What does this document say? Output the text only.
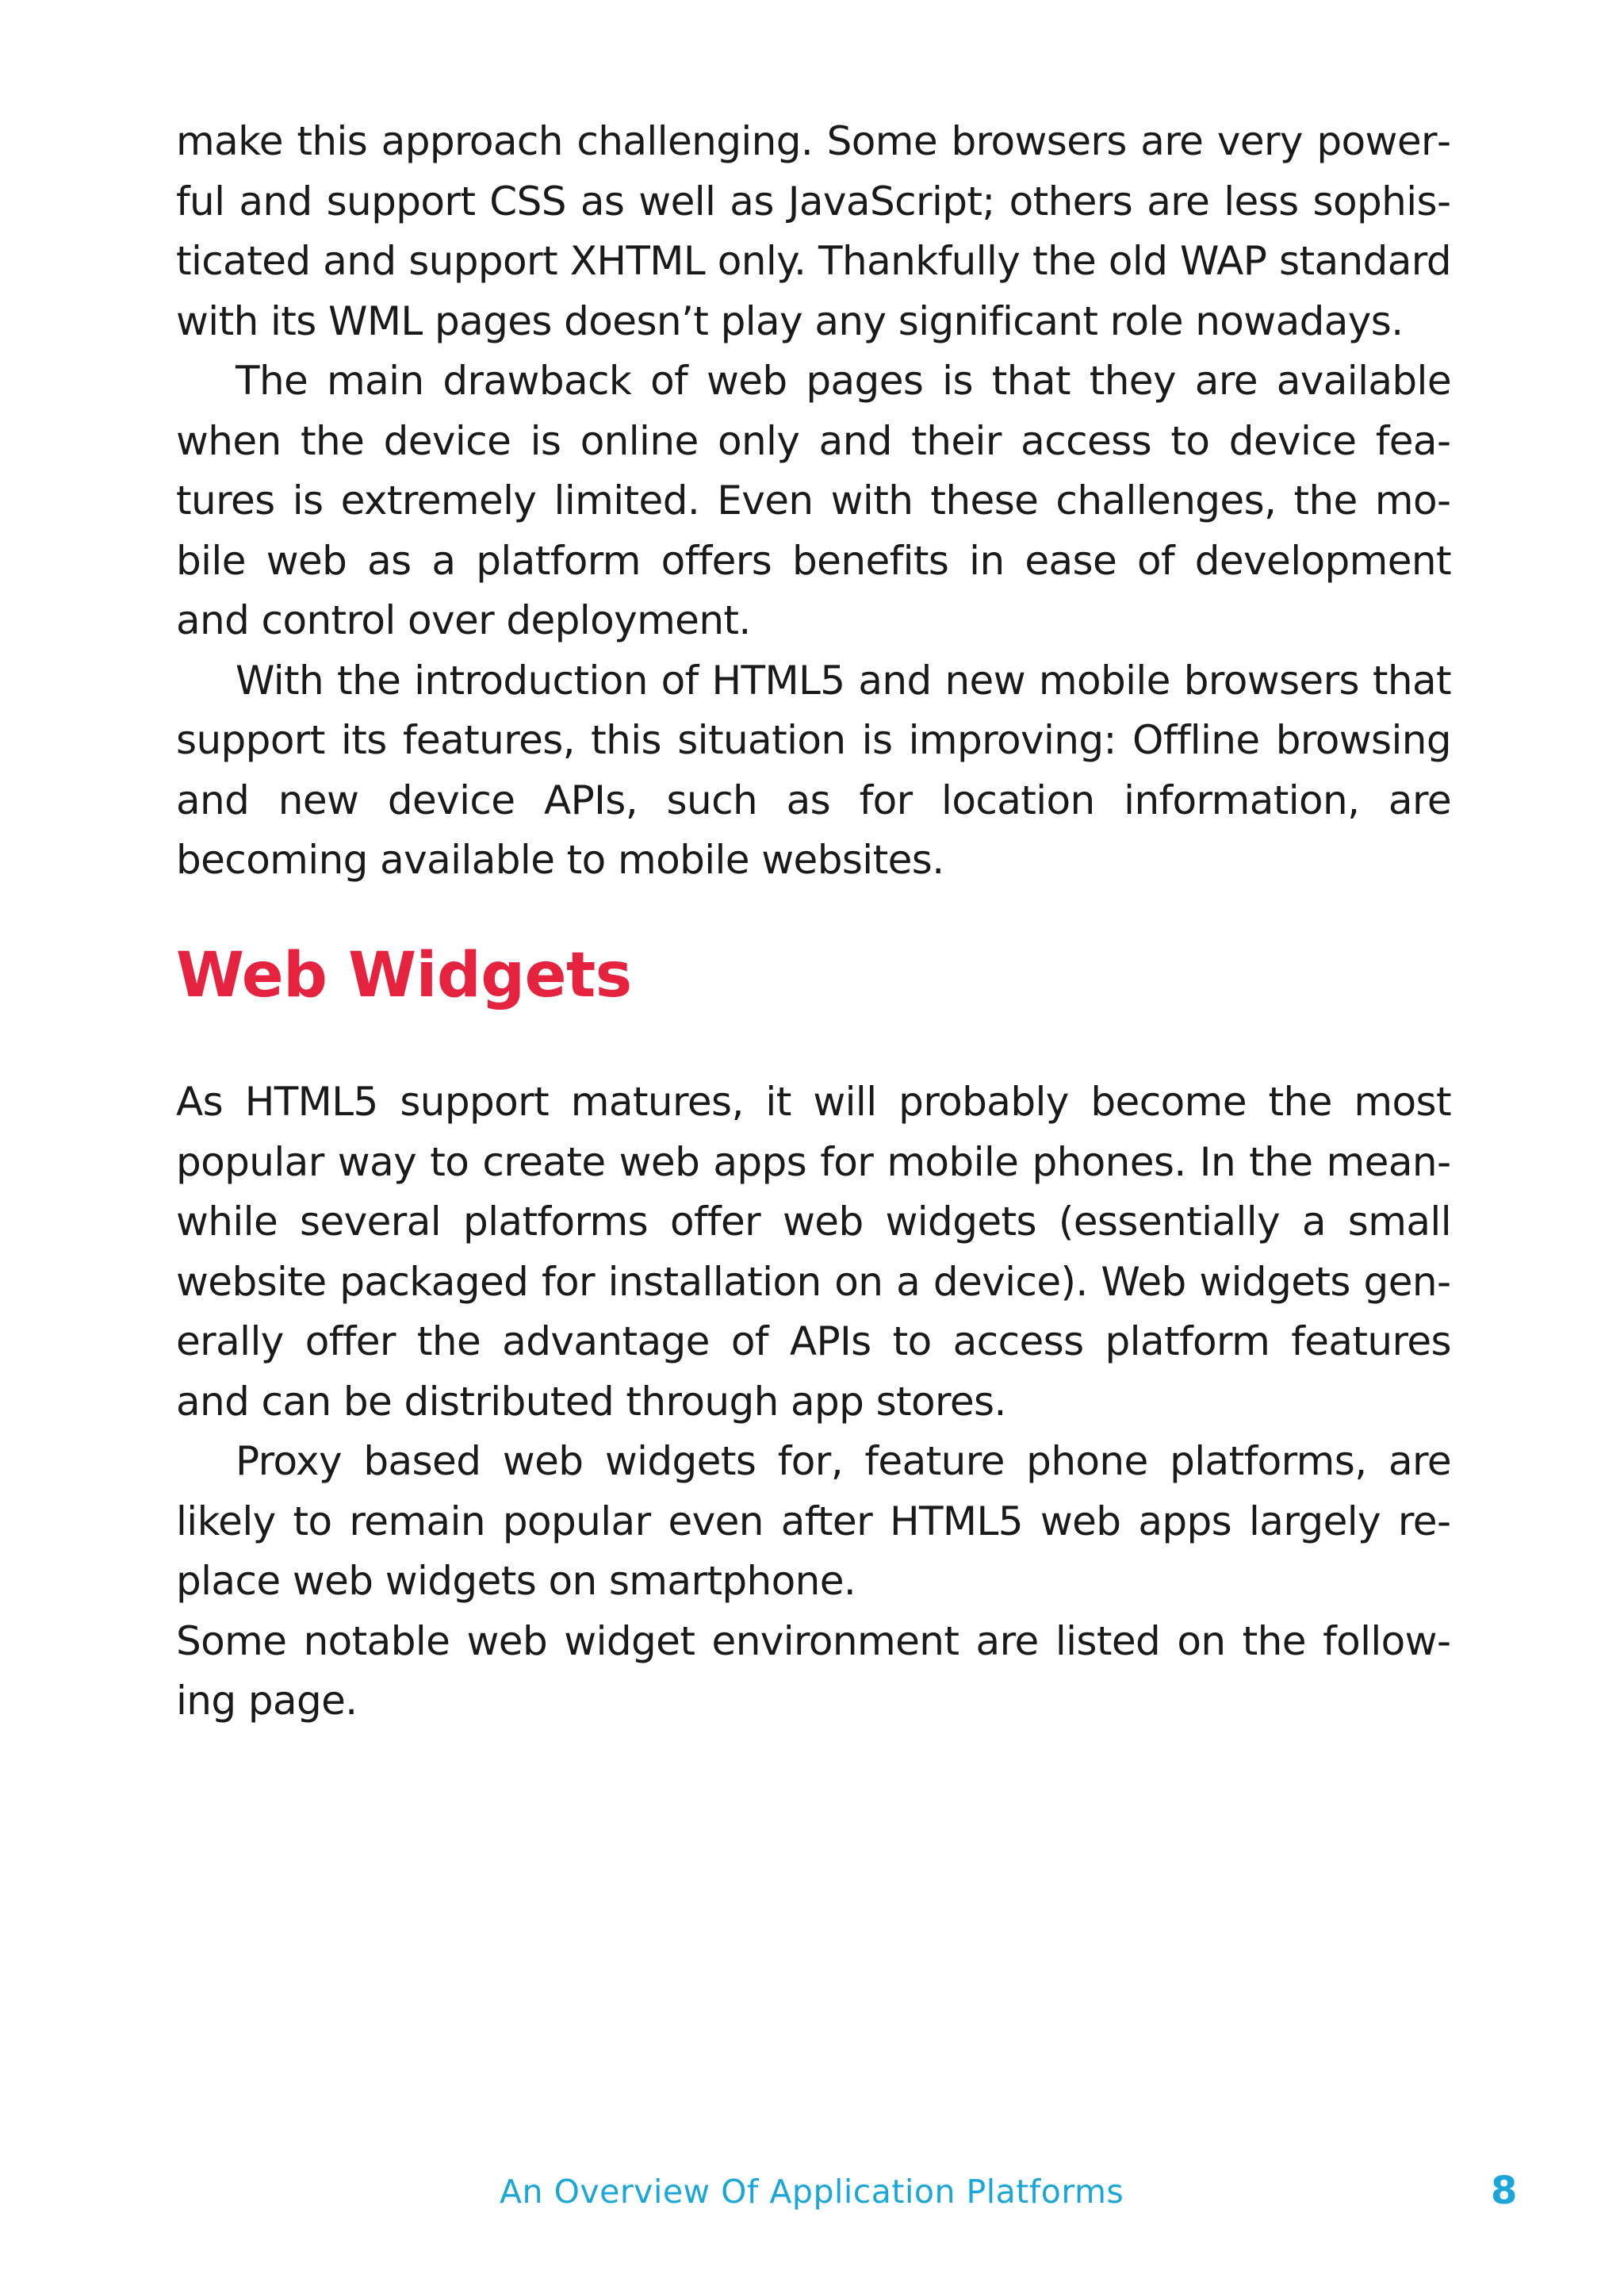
make this approach challenging. Some browsers are very powerful and support CSS as well as JavaScript; others are less sophisticated and support XHTML only. Thankfully the old WAP standard with its WML pages doesn’t play any significant role nowadays.

The main drawback of web pages is that they are available when the device is online only and their access to device features is extremely limited. Even with these challenges, the mobile web as a platform offers benefits in ease of development and control over deployment.

With the introduction of HTML5 and new mobile browsers that support its features, this situation is improving: Offline browsing and new device APIs, such as for location information, are becoming available to mobile websites.

Web Widgets

As HTML5 support matures, it will probably become the most popular way to create web apps for mobile phones. In the meanwhile several platforms offer web widgets (essentially a small website packaged for installation on a device). Web widgets generally offer the advantage of APIs to access platform features and can be distributed through app stores.

Proxy based web widgets for, feature phone platforms, are likely to remain popular even after HTML5 web apps largely replace web widgets on smartphone.

Some notable web widget environment are listed on the following page.

An Overview Of Application Platforms	8
